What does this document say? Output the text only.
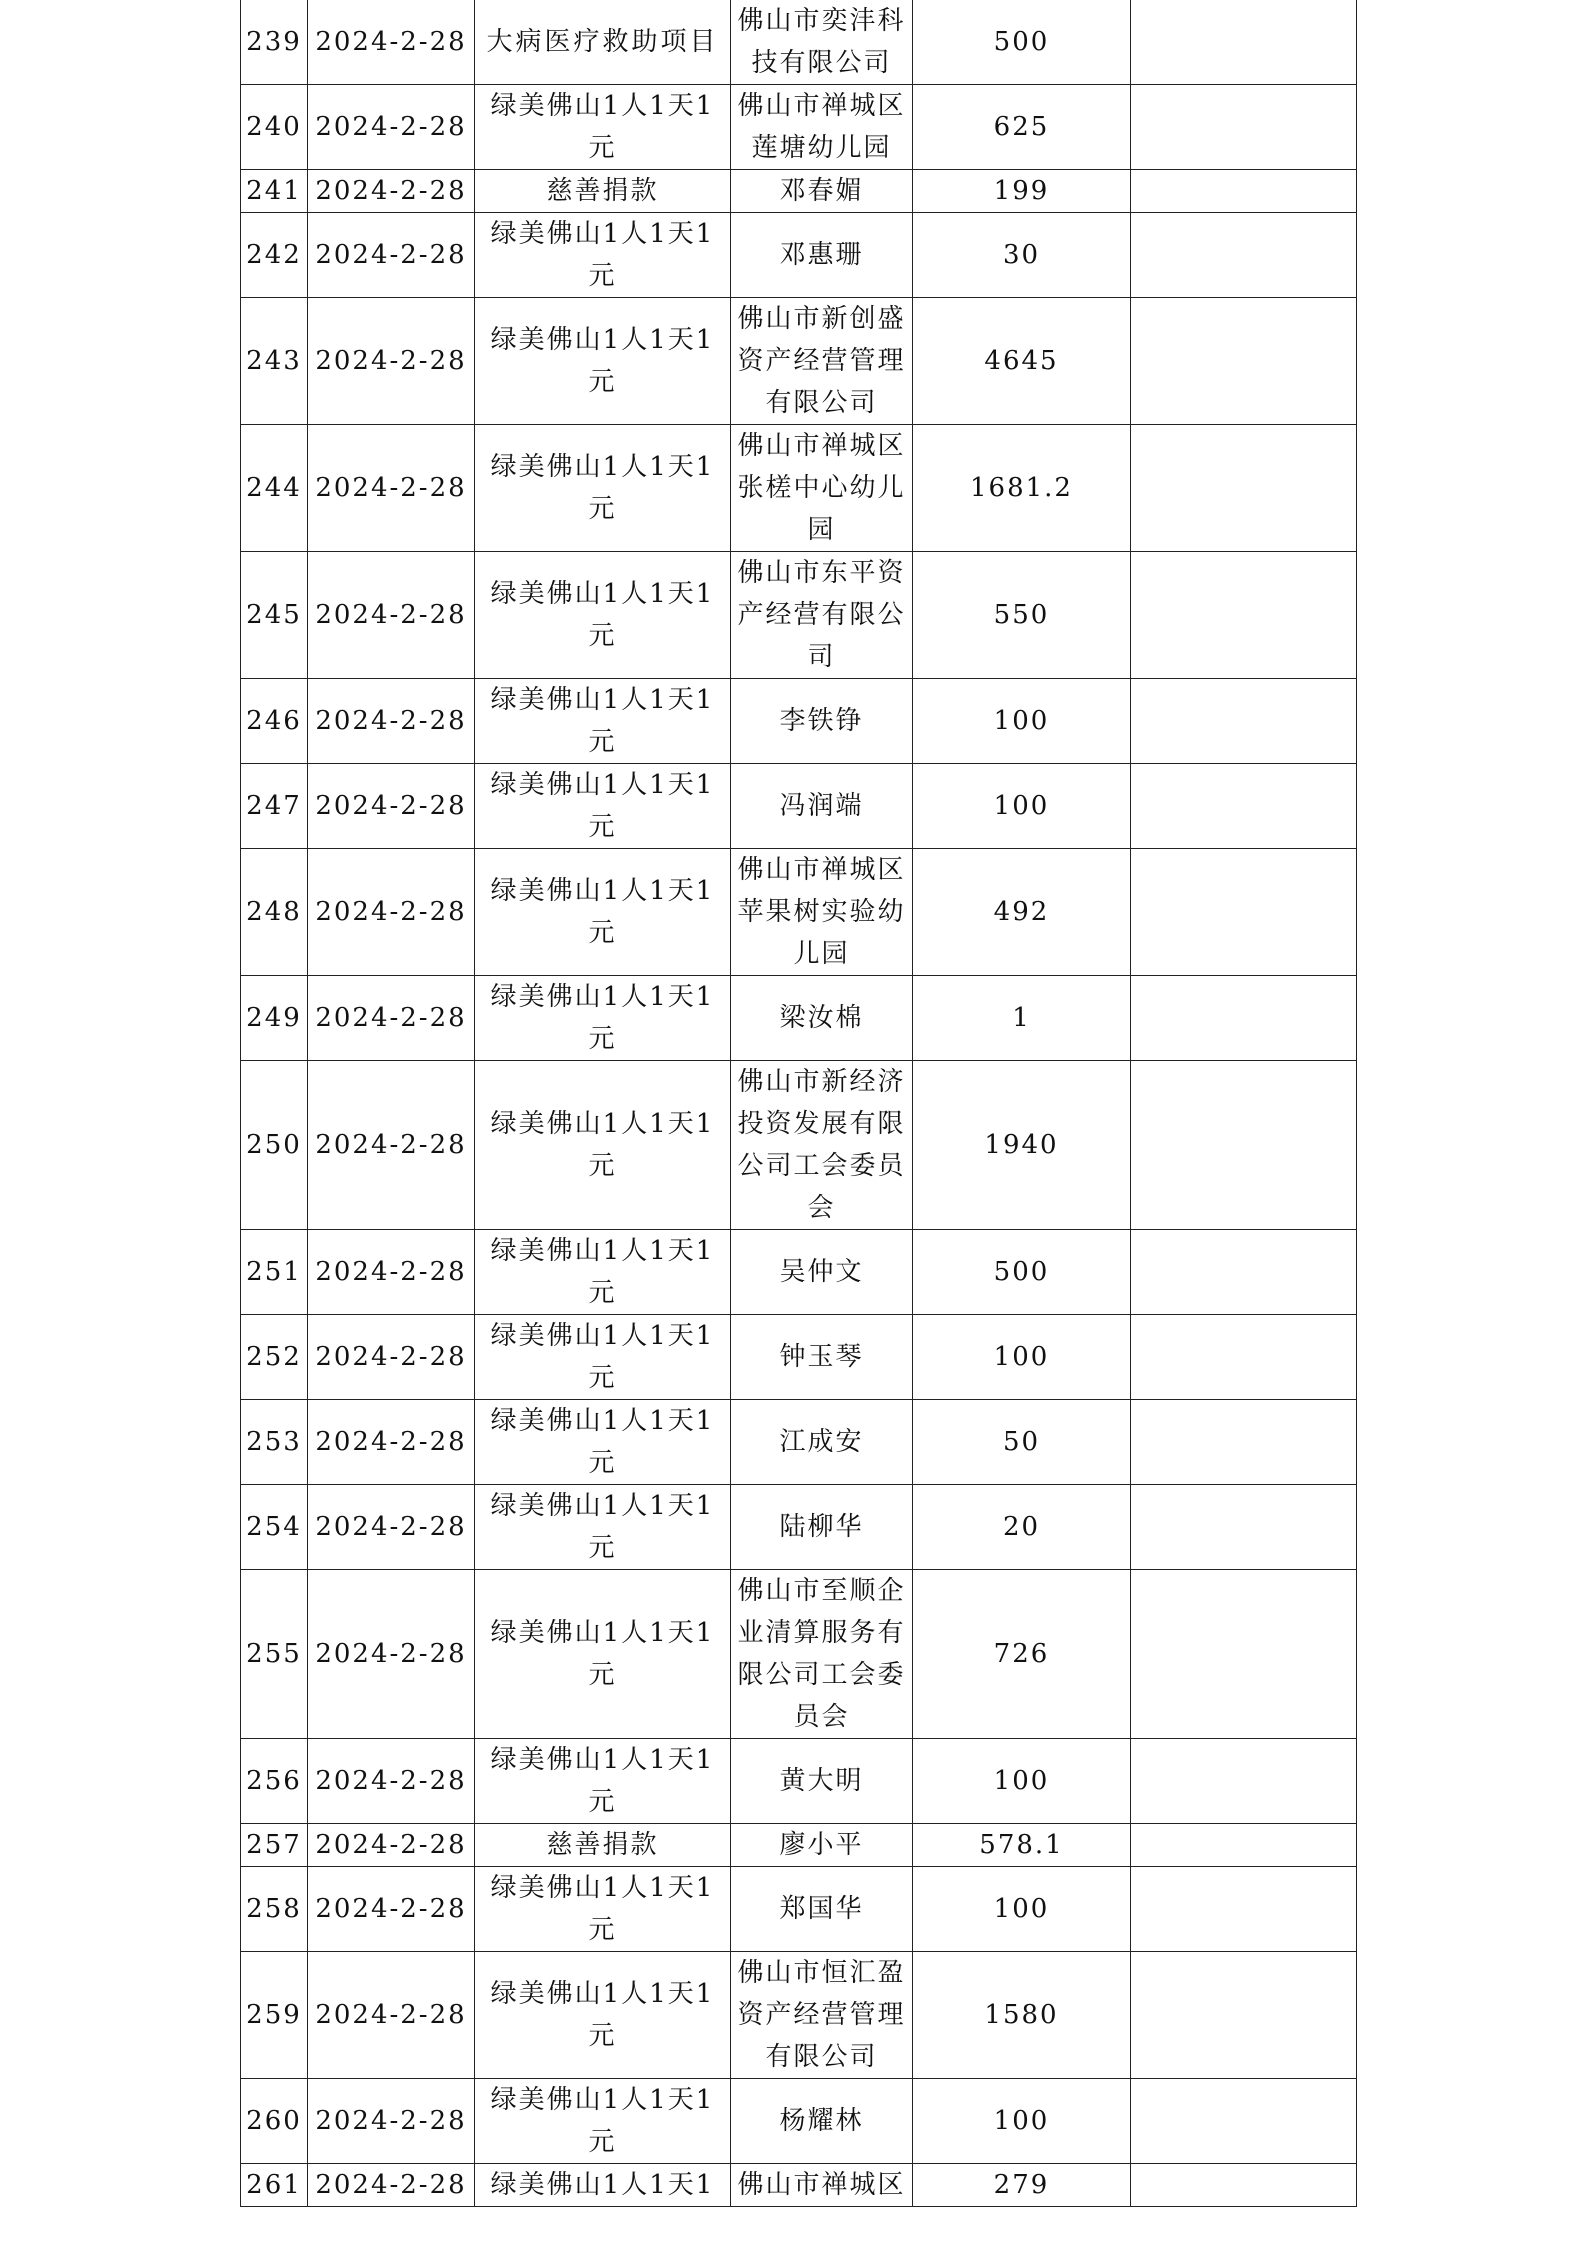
239	2024-2-28	大病医疗救助项目	佛山市奕沣科技有限公司	500	
240	2024-2-28	绿美佛山1人1天1元	佛山市禅城区莲塘幼儿园	625	
241	2024-2-28	慈善捐款	邓春媚	199	
242	2024-2-28	绿美佛山1人1天1元	邓惠珊	30	
243	2024-2-28	绿美佛山1人1天1元	佛山市新创盛资产经营管理有限公司	4645	
244	2024-2-28	绿美佛山1人1天1元	佛山市禅城区张槎中心幼儿园	1681.2	
245	2024-2-28	绿美佛山1人1天1元	佛山市东平资产经营有限公司	550	
246	2024-2-28	绿美佛山1人1天1元	李铁铮	100	
247	2024-2-28	绿美佛山1人1天1元	冯润端	100	
248	2024-2-28	绿美佛山1人1天1元	佛山市禅城区苹果树实验幼儿园	492	
249	2024-2-28	绿美佛山1人1天1元	梁汝棉	1	
250	2024-2-28	绿美佛山1人1天1元	佛山市新经济投资发展有限公司工会委员会	1940	
251	2024-2-28	绿美佛山1人1天1元	吴仲文	500	
252	2024-2-28	绿美佛山1人1天1元	钟玉琴	100	
253	2024-2-28	绿美佛山1人1天1元	江成安	50	
254	2024-2-28	绿美佛山1人1天1元	陆柳华	20	
255	2024-2-28	绿美佛山1人1天1元	佛山市至顺企业清算服务有限公司工会委员会	726	
256	2024-2-28	绿美佛山1人1天1元	黄大明	100	
257	2024-2-28	慈善捐款	廖小平	578.1	
258	2024-2-28	绿美佛山1人1天1元	郑国华	100	
259	2024-2-28	绿美佛山1人1天1元	佛山市恒汇盈资产经营管理有限公司	1580	
260	2024-2-28	绿美佛山1人1天1元	杨耀林	100	
261	2024-2-28	绿美佛山1人1天1	佛山市禅城区	279	
